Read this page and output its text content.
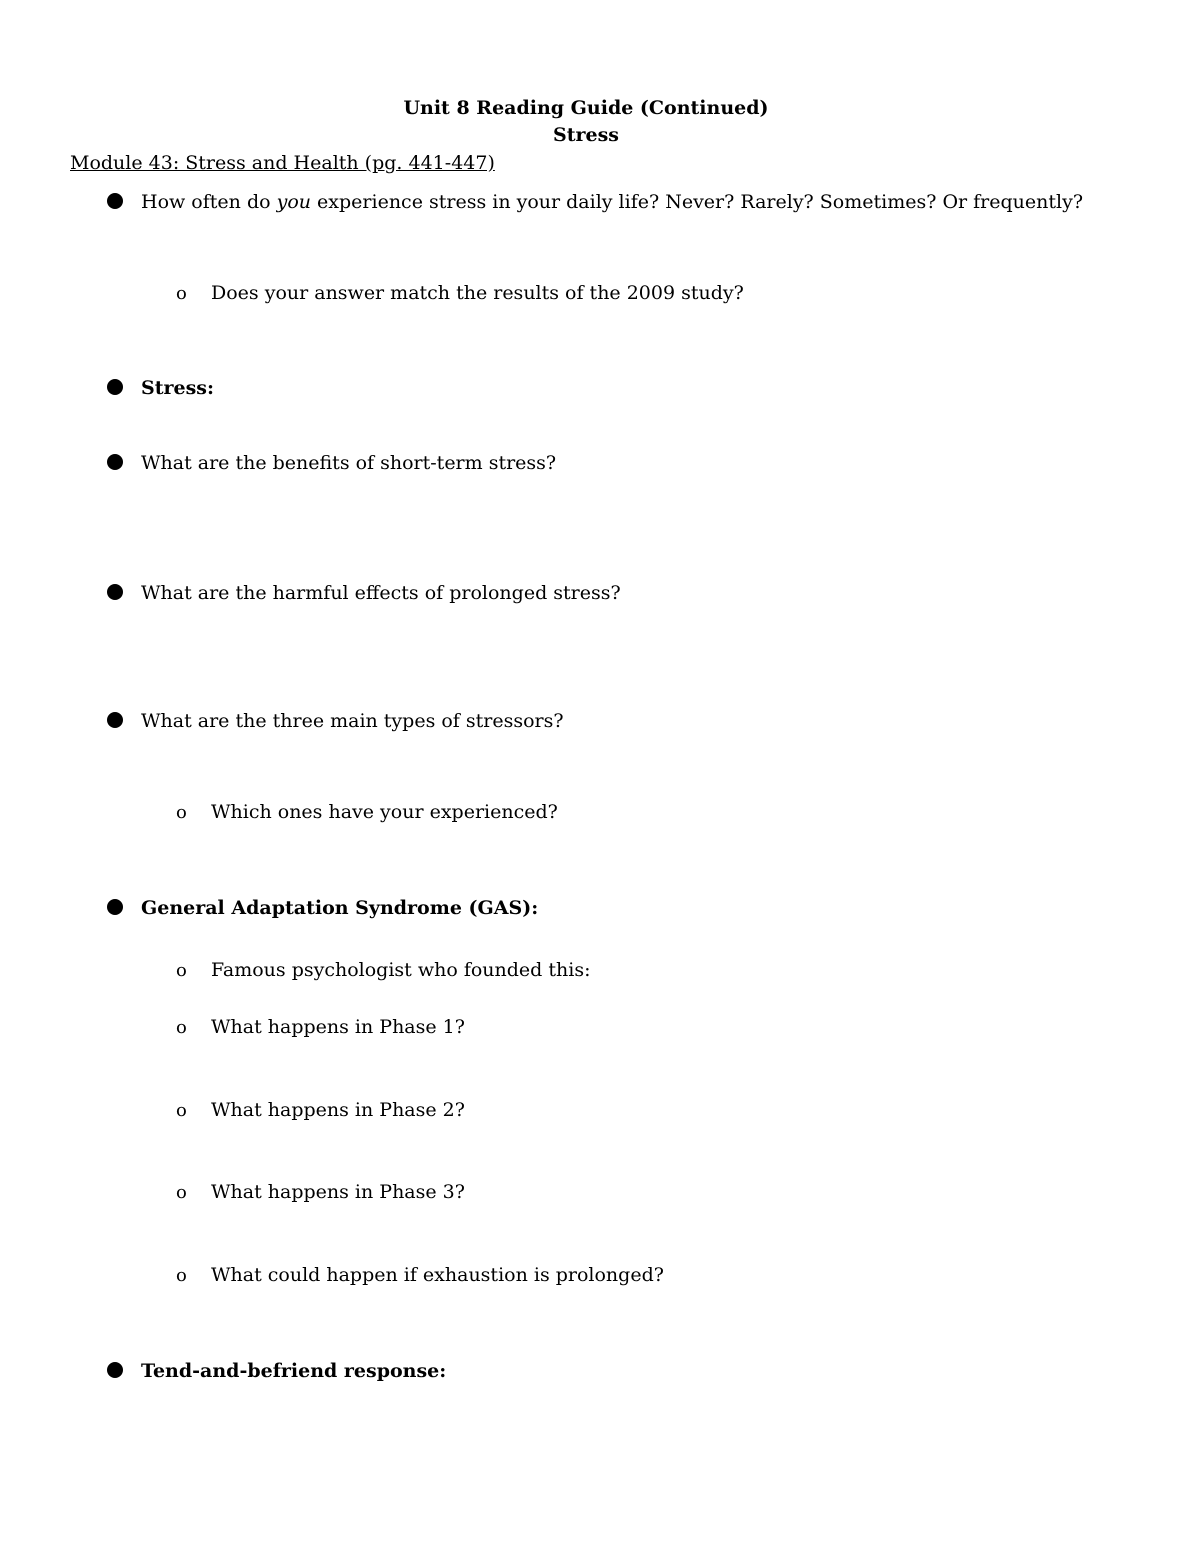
Unit 8 Reading Guide (Continued)
Stress
Module 43: Stress and Health (pg. 441-447)
How often do you experience stress in your daily life? Never? Rarely? Sometimes? Or frequently?
o Does your answer match the results of the 2009 study?
Stress:
What are the benefits of short-term stress?
What are the harmful effects of prolonged stress?
What are the three main types of stressors?
o Which ones have your experienced?
General Adaptation Syndrome (GAS):
o Famous psychologist who founded this:
o What happens in Phase 1?
o What happens in Phase 2?
o What happens in Phase 3?
o What could happen if exhaustion is prolonged?
Tend-and-befriend response:
